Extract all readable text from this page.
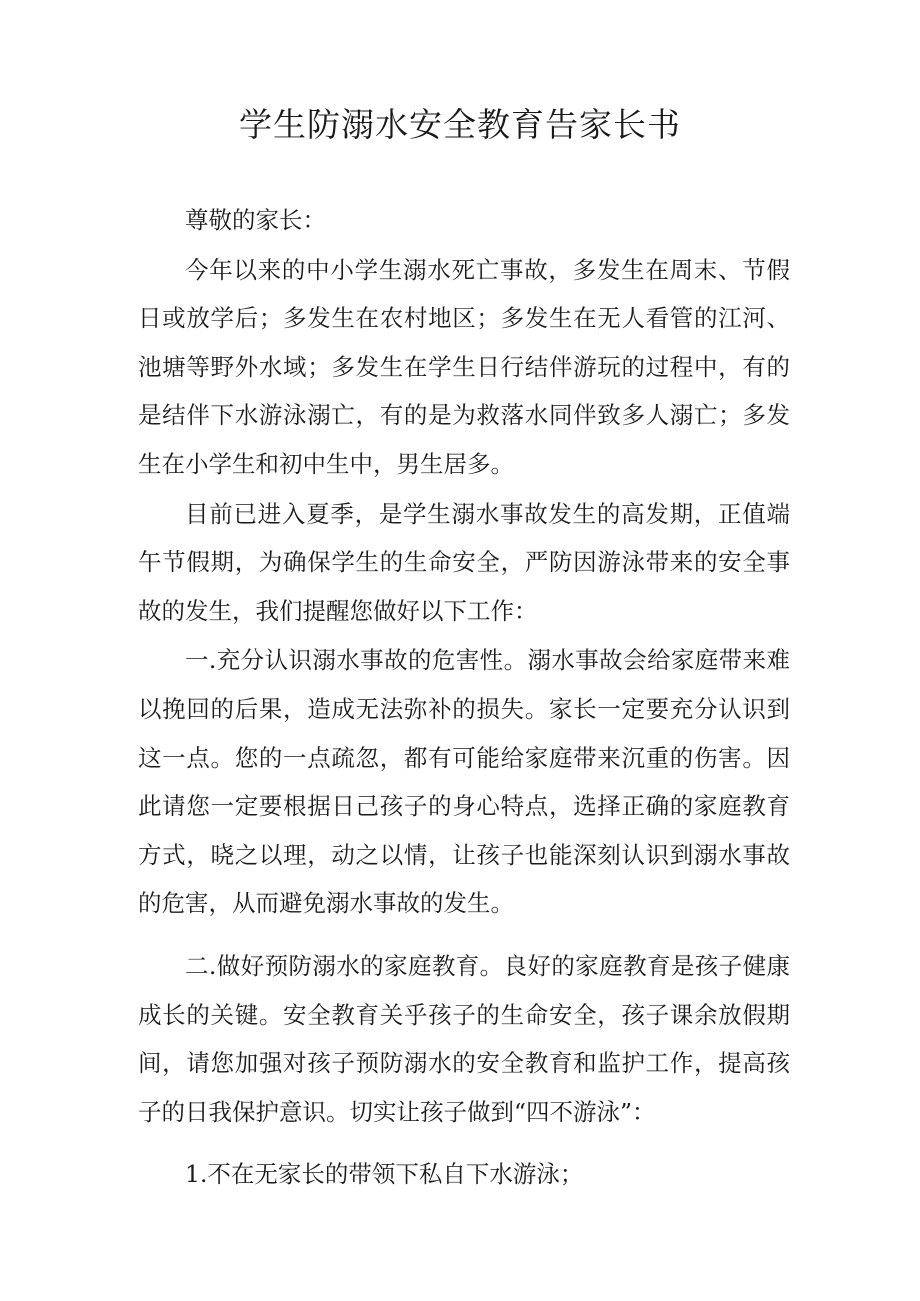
学生防溺水安全教育告家长书

尊敬的家长：

今年以来的中小学生溺水死亡事故，多发生在周末、节假日或放学后；多发生在农村地区；多发生在无人看管的江河、池塘等野外水域；多发生在学生日行结伴游玩的过程中，有的是结伴下水游泳溺亡，有的是为救落水同伴致多人溺亡；多发生在小学生和初中生中，男生居多。

目前已进入夏季，是学生溺水事故发生的高发期，正值端午节假期，为确保学生的生命安全，严防因游泳带来的安全事故的发生，我们提醒您做好以下工作：

一.充分认识溺水事故的危害性。溺水事故会给家庭带来难以挽回的后果，造成无法弥补的损失。家长一定要充分认识到这一点。您的一点疏忽，都有可能给家庭带来沉重的伤害。因此请您一定要根据日己孩子的身心特点，选择正确的家庭教育方式，晓之以理，动之以情，让孩子也能深刻认识到溺水事故的危害，从而避免溺水事故的发生。

二.做好预防溺水的家庭教育。良好的家庭教育是孩子健康成长的关键。安全教育关乎孩子的生命安全，孩子课余放假期间，请您加强对孩子预防溺水的安全教育和监护工作，提高孩子的日我保护意识。切实让孩子做到“四不游泳”：

1.不在无家长的带领下私自下水游泳；
